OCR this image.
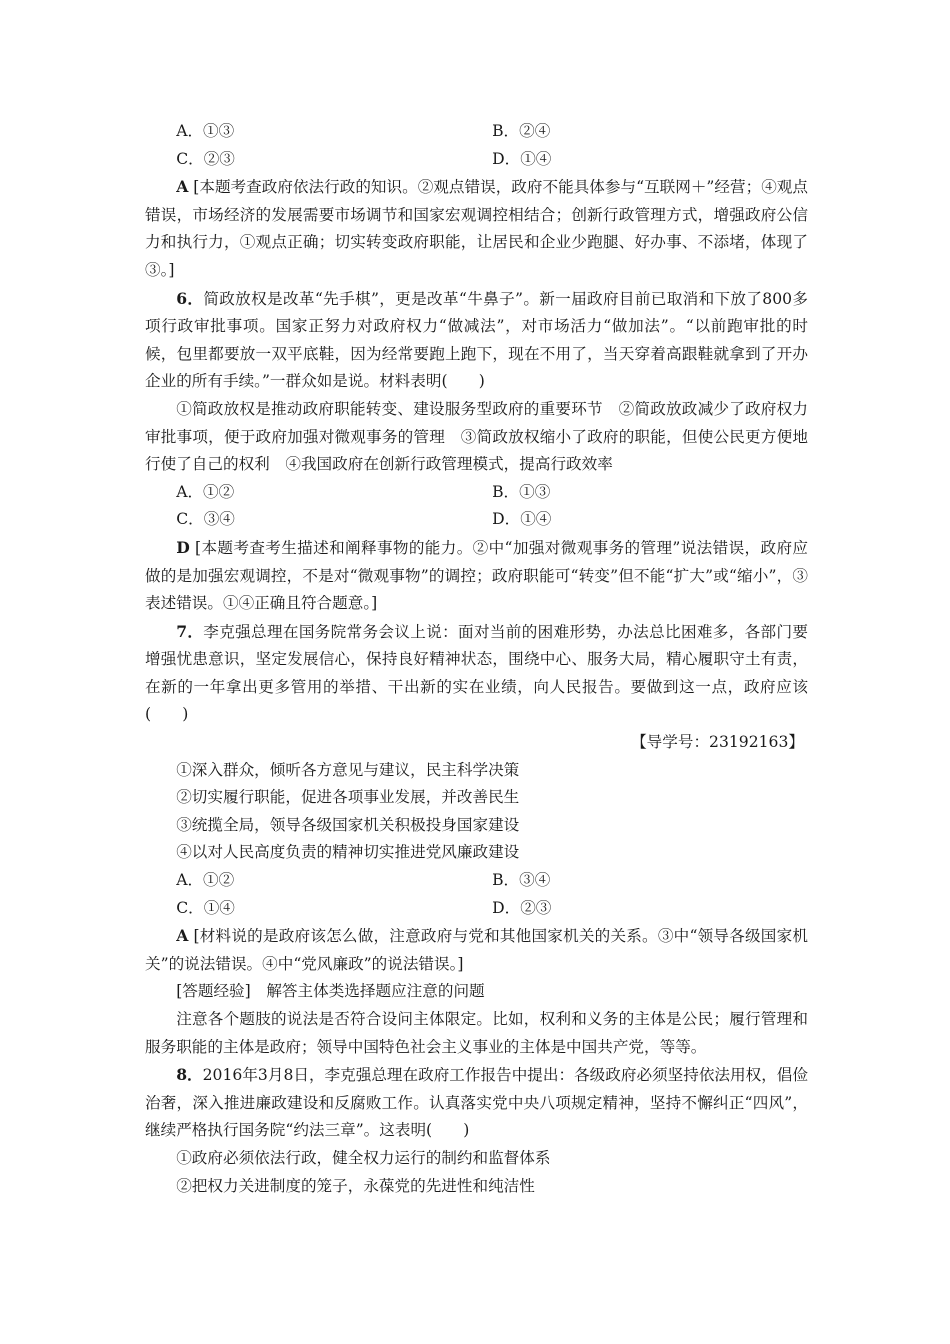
A．①③	B．②④
C．②③	D．①④

A [本题考查政府依法行政的知识。②观点错误，政府不能具体参与“互联网＋”经营；④观点错误，市场经济的发展需要市场调节和国家宏观调控相结合；创新行政管理方式，增强政府公信力和执行力，①观点正确；切实转变政府职能，让居民和企业少跑腿、好办事、不添堵，体现了③。]

6．简政放权是改革“先手棋”，更是改革“牛鼻子”。新一届政府目前已取消和下放了800多项行政审批事项。国家正努力对政府权力“做减法”，对市场活力“做加法”。“以前跑审批的时候，包里都要放一双平底鞋，因为经常要跑上跑下，现在不用了，当天穿着高跟鞋就拿到了开办企业的所有手续。”一群众如是说。材料表明(　　)

①简政放权是推动政府职能转变、建设服务型政府的重要环节　②简政放政减少了政府权力审批事项，便于政府加强对微观事务的管理　③简政放权缩小了政府的职能，但使公民更方便地行使了自己的权利　④我国政府在创新行政管理模式，提高行政效率

A．①②	B．①③
C．③④	D．①④

D [本题考查考生描述和阐释事物的能力。②中“加强对微观事务的管理”说法错误，政府应做的是加强宏观调控，不是对“微观事物”的调控；政府职能可“转变”但不能“扩大”或“缩小”，③表述错误。①④正确且符合题意。]

7．李克强总理在国务院常务会议上说：面对当前的困难形势，办法总比困难多，各部门要增强忧患意识，坚定发展信心，保持良好精神状态，围绕中心、服务大局，精心履职守土有责，在新的一年拿出更多管用的举措、干出新的实在业绩，向人民报告。要做到这一点，政府应该(　　)

【导学号：23192163】

①深入群众，倾听各方意见与建议，民主科学决策

②切实履行职能，促进各项事业发展，并改善民生

③统揽全局，领导各级国家机关积极投身国家建设

④以对人民高度负责的精神切实推进党风廉政建设

A．①②	B．③④
C．①④	D．②③

A [材料说的是政府该怎么做，注意政府与党和其他国家机关的关系。③中“领导各级国家机关”的说法错误。④中“党风廉政”的说法错误。]

[答题经验]　解答主体类选择题应注意的问题

注意各个题肢的说法是否符合设问主体限定。比如，权利和义务的主体是公民；履行管理和服务职能的主体是政府；领导中国特色社会主义事业的主体是中国共产党，等等。

8．2016年3月8日，李克强总理在政府工作报告中提出：各级政府必须坚持依法用权，倡俭治奢，深入推进廉政建设和反腐败工作。认真落实党中央八项规定精神，坚持不懈纠正“四风”，继续严格执行国务院“约法三章”。这表明(　　)

①政府必须依法行政，健全权力运行的制约和监督体系

②把权力关进制度的笼子，永葆党的先进性和纯洁性
